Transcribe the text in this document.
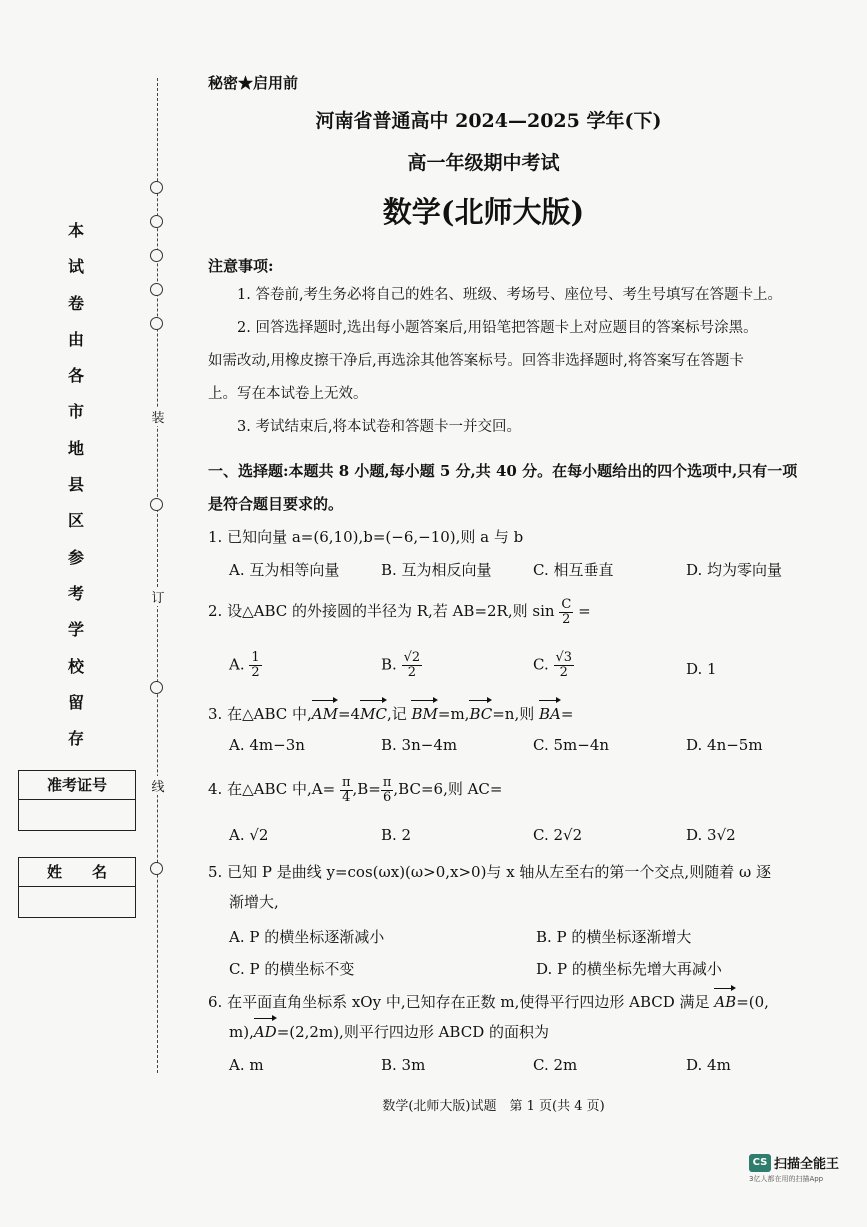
装
订
线
本
试
卷
由
各
市
地
县
区
参
考
学
校
留
存
准考证号
姓　　名
秘密★启用前
河南省普通高中 2024—2025 学年(下)
高一年级期中考试
数学(北师大版)
注意事项:
1. 答卷前,考生务必将自己的姓名、班级、考场号、座位号、考生号填写在答题卡上。
2. 回答选择题时,选出每小题答案后,用铅笔把答题卡上对应题目的答案标号涂黑。
如需改动,用橡皮擦干净后,再选涂其他答案标号。回答非选择题时,将答案写在答题卡
上。写在本试卷上无效。
3. 考试结束后,将本试卷和答题卡一并交回。
一、选择题:本题共 8 小题,每小题 5 分,共 40 分。在每小题给出的四个选项中,只有一项
是符合题目要求的。
1. 已知向量 a=(6,10),b=(−6,−10),则 a 与 b
A. 互为相等向量	B. 互为相反向量	C. 相互垂直	D. 均为零向量
2. 设△ABC 的外接圆的半径为 R,若 AB=2R,则 $\sin \frac{C}{2}$ =
A. $\frac{1}{2}$	B. $\frac{√2}{2}$	C. $\frac{√3}{2}$	D. 1
3. 在△ABC 中,AM=4MC,记 BM=m,BC=n,则 BA=
A. 4m−3n	B. 3n−4m	C. 5m−4n	D. 4n−5m
4. 在△ABC 中$,A= \frac{\pi}{4} ,B= \frac{\pi}{6} ,BC=6$,则 AC=
A. √2	B. 2	C. 2√2	D. 3√2
5. 已知 P 是曲线 y=cos(ωx)(ω>0,x>0)与 x 轴从左至右的第一个交点,则随着 ω 逐
渐增大,
A. P 的横坐标逐渐减小	B. P 的横坐标逐渐增大
C. P 的横坐标不变	D. P 的横坐标先增大再减小
6. 在平面直角坐标系 xOy 中,已知存在正数 m,使得平行四边形 ABCD 满足 AB=(0,
m),AD=(2,2m),则平行四边形 ABCD 的面积为
A. m	B. 3m	C. 2m	D. 4m
数学(北师大版)试题　第 1 页(共 4 页)
CS 扫描全能王
3亿人都在用的扫描App
